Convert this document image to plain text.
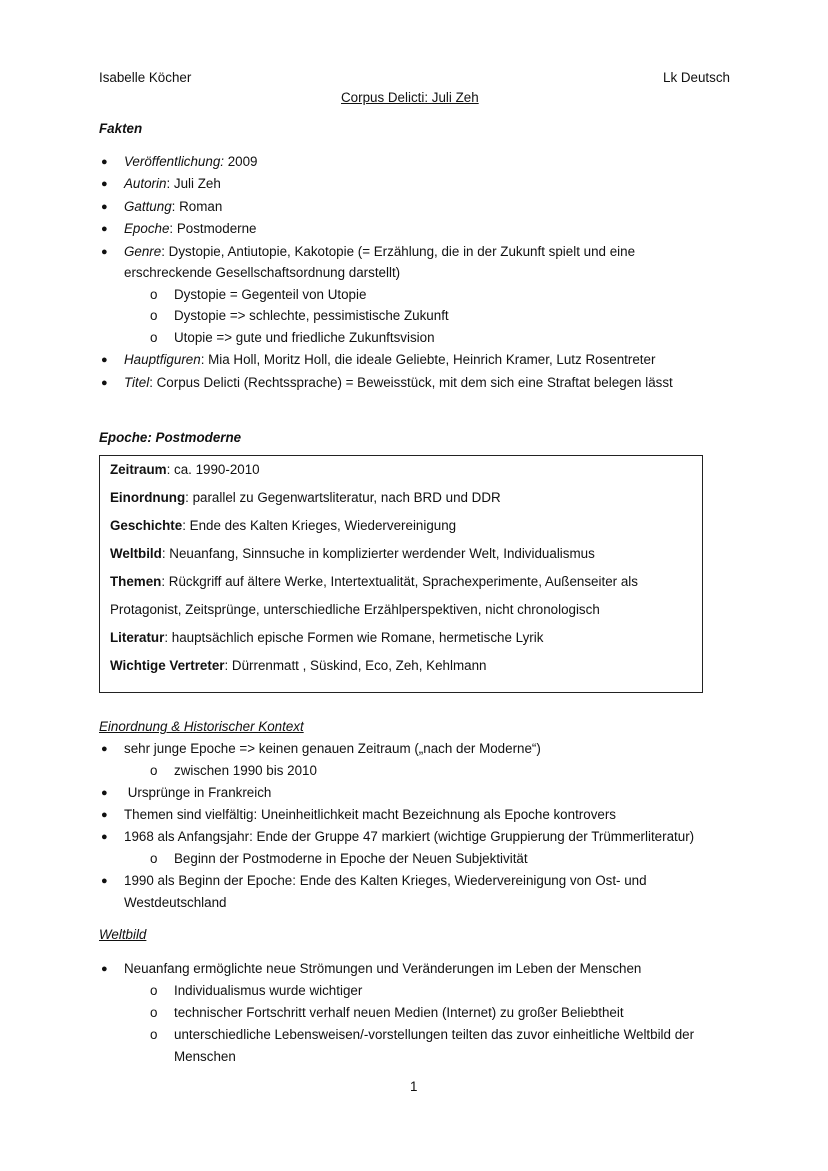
Isabelle Köcher	Lk Deutsch
Corpus Delicti: Juli Zeh
Fakten
● Veröffentlichung: 2009
● Autorin: Juli Zeh
● Gattung: Roman
● Epoche: Postmoderne
● Genre: Dystopie, Antiutopie, Kakotopie (= Erzählung, die in der Zukunft spielt und eine
erschreckende Gesellschaftsordnung darstellt)
o Dystopie = Gegenteil von Utopie
o Dystopie => schlechte, pessimistische Zukunft
o Utopie => gute und friedliche Zukunftsvision
● Hauptfiguren: Mia Holl, Moritz Holl, die ideale Geliebte, Heinrich Kramer, Lutz Rosentreter
● Titel: Corpus Delicti (Rechtssprache) = Beweisstück, mit dem sich eine Straftat belegen lässt
Epoche: Postmoderne
Zeitraum: ca. 1990-2010
Einordnung: parallel zu Gegenwartsliteratur, nach BRD und DDR
Geschichte: Ende des Kalten Krieges, Wiedervereinigung
Weltbild: Neuanfang, Sinnsuche in komplizierter werdender Welt, Individualismus
Themen: Rückgriff auf ältere Werke, Intertextualität, Sprachexperimente, Außenseiter als
Protagonist, Zeitsprünge, unterschiedliche Erzählperspektiven, nicht chronologisch
Literatur: hauptsächlich epische Formen wie Romane, hermetische Lyrik
Wichtige Vertreter: Dürrenmatt , Süskind, Eco, Zeh, Kehlmann
Einordnung & Historischer Kontext
● sehr junge Epoche => keinen genauen Zeitraum („nach der Moderne“)
o zwischen 1990 bis 2010
● Ursprünge in Frankreich
● Themen sind vielfältig: Uneinheitlichkeit macht Bezeichnung als Epoche kontrovers
● 1968 als Anfangsjahr: Ende der Gruppe 47 markiert (wichtige Gruppierung der Trümmerliteratur)
o Beginn der Postmoderne in Epoche der Neuen Subjektivität
● 1990 als Beginn der Epoche: Ende des Kalten Krieges, Wiedervereinigung von Ost- und
Westdeutschland
Weltbild
● Neuanfang ermöglichte neue Strömungen und Veränderungen im Leben der Menschen
o Individualismus wurde wichtiger
o technischer Fortschritt verhalf neuen Medien (Internet) zu großer Beliebtheit
o unterschiedliche Lebensweisen/-vorstellungen teilten das zuvor einheitliche Weltbild der
Menschen
1
